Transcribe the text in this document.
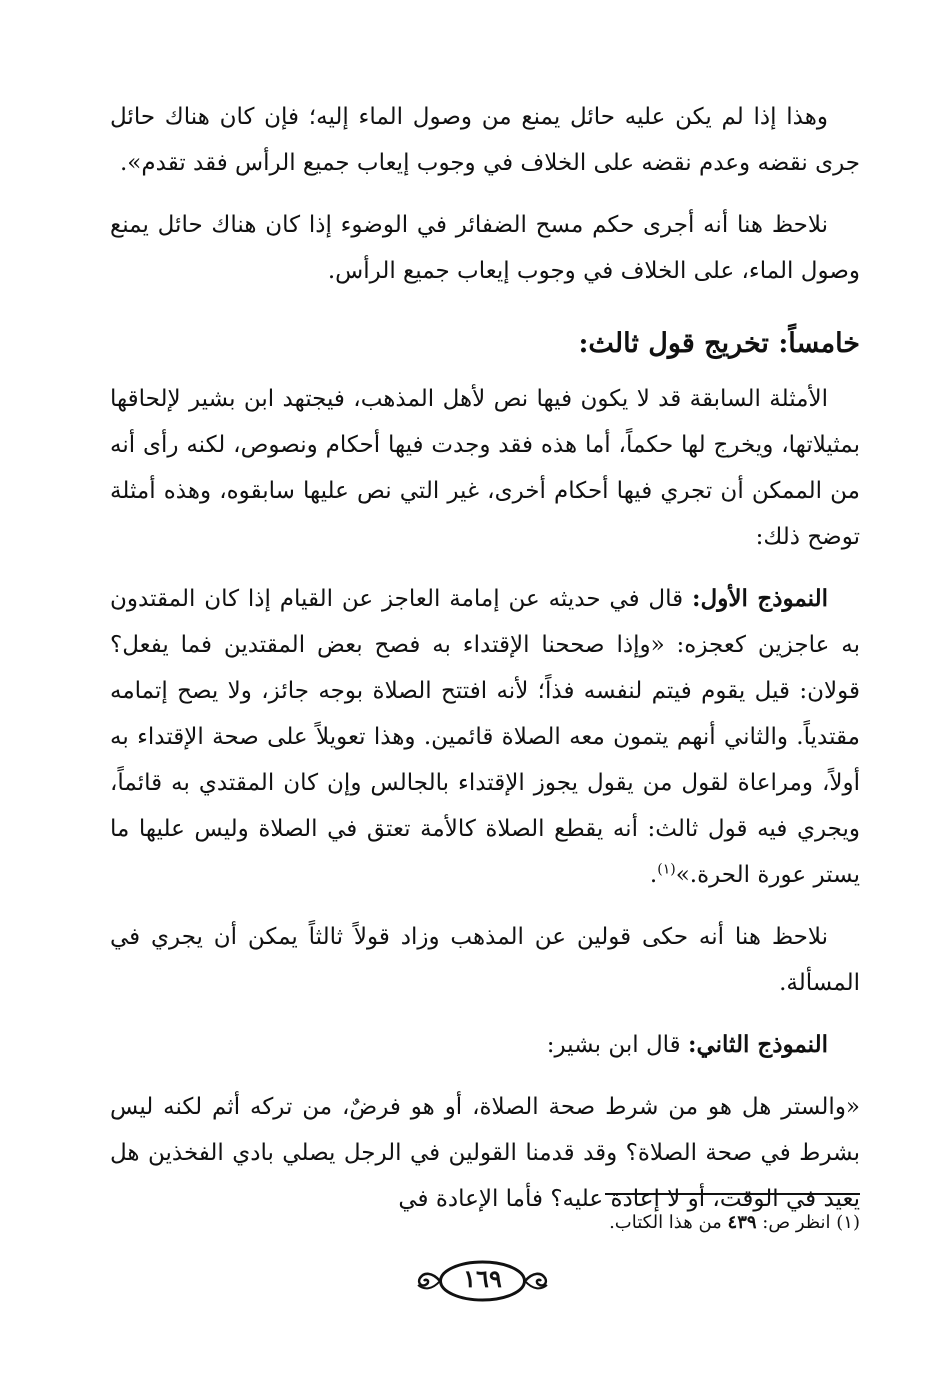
وهذا إذا لم يكن عليه حائل يمنع من وصول الماء إليه؛ فإن كان هناك حائل جرى نقضه وعدم نقضه على الخلاف في وجوب إيعاب جميع الرأس فقد تقدم».

نلاحظ هنا أنه أجرى حكم مسح الضفائر في الوضوء إذا كان هناك حائل يمنع وصول الماء، على الخلاف في وجوب إيعاب جميع الرأس.

خامساً: تخريج قول ثالث:

الأمثلة السابقة قد لا يكون فيها نص لأهل المذهب، فيجتهد ابن بشير لإلحاقها بمثيلاتها، ويخرج لها حكماً، أما هذه فقد وجدت فيها أحكام ونصوص، لكنه رأى أنه من الممكن أن تجري فيها أحكام أخرى، غير التي نص عليها سابقوه، وهذه أمثلة توضح ذلك:

النموذج الأول: قال في حديثه عن إمامة العاجز عن القيام إذا كان المقتدون به عاجزين كعجزه: «وإذا صححنا الإقتداء به فصح بعض المقتدين فما يفعل؟ قولان: قيل يقوم فيتم لنفسه فذاً؛ لأنه افتتح الصلاة بوجه جائز، ولا يصح إتمامه مقتدياً. والثاني أنهم يتمون معه الصلاة قائمين. وهذا تعويلاً على صحة الإقتداء به أولاً، ومراعاة لقول من يقول يجوز الإقتداء بالجالس وإن كان المقتدي به قائماً، ويجري فيه قول ثالث: أنه يقطع الصلاة كالأمة تعتق في الصلاة وليس عليها ما يستر عورة الحرة.»$^{(١)}$.

نلاحظ هنا أنه حكى قولين عن المذهب وزاد قولاً ثالثاً يمكن أن يجري في المسألة.

النموذج الثاني: قال ابن بشير:

«والستر هل هو من شرط صحة الصلاة، أو هو فرضٌ، من تركه أثم لكنه ليس بشرط في صحة الصلاة؟ وقد قدمنا القولين في الرجل يصلي بادي الفخذين هل يعيد في الوقت، أو لا إعادة عليه؟ فأما الإعادة في

(١) انظر ص: ٤٣٩ من هذا الكتاب.
١٦٩
